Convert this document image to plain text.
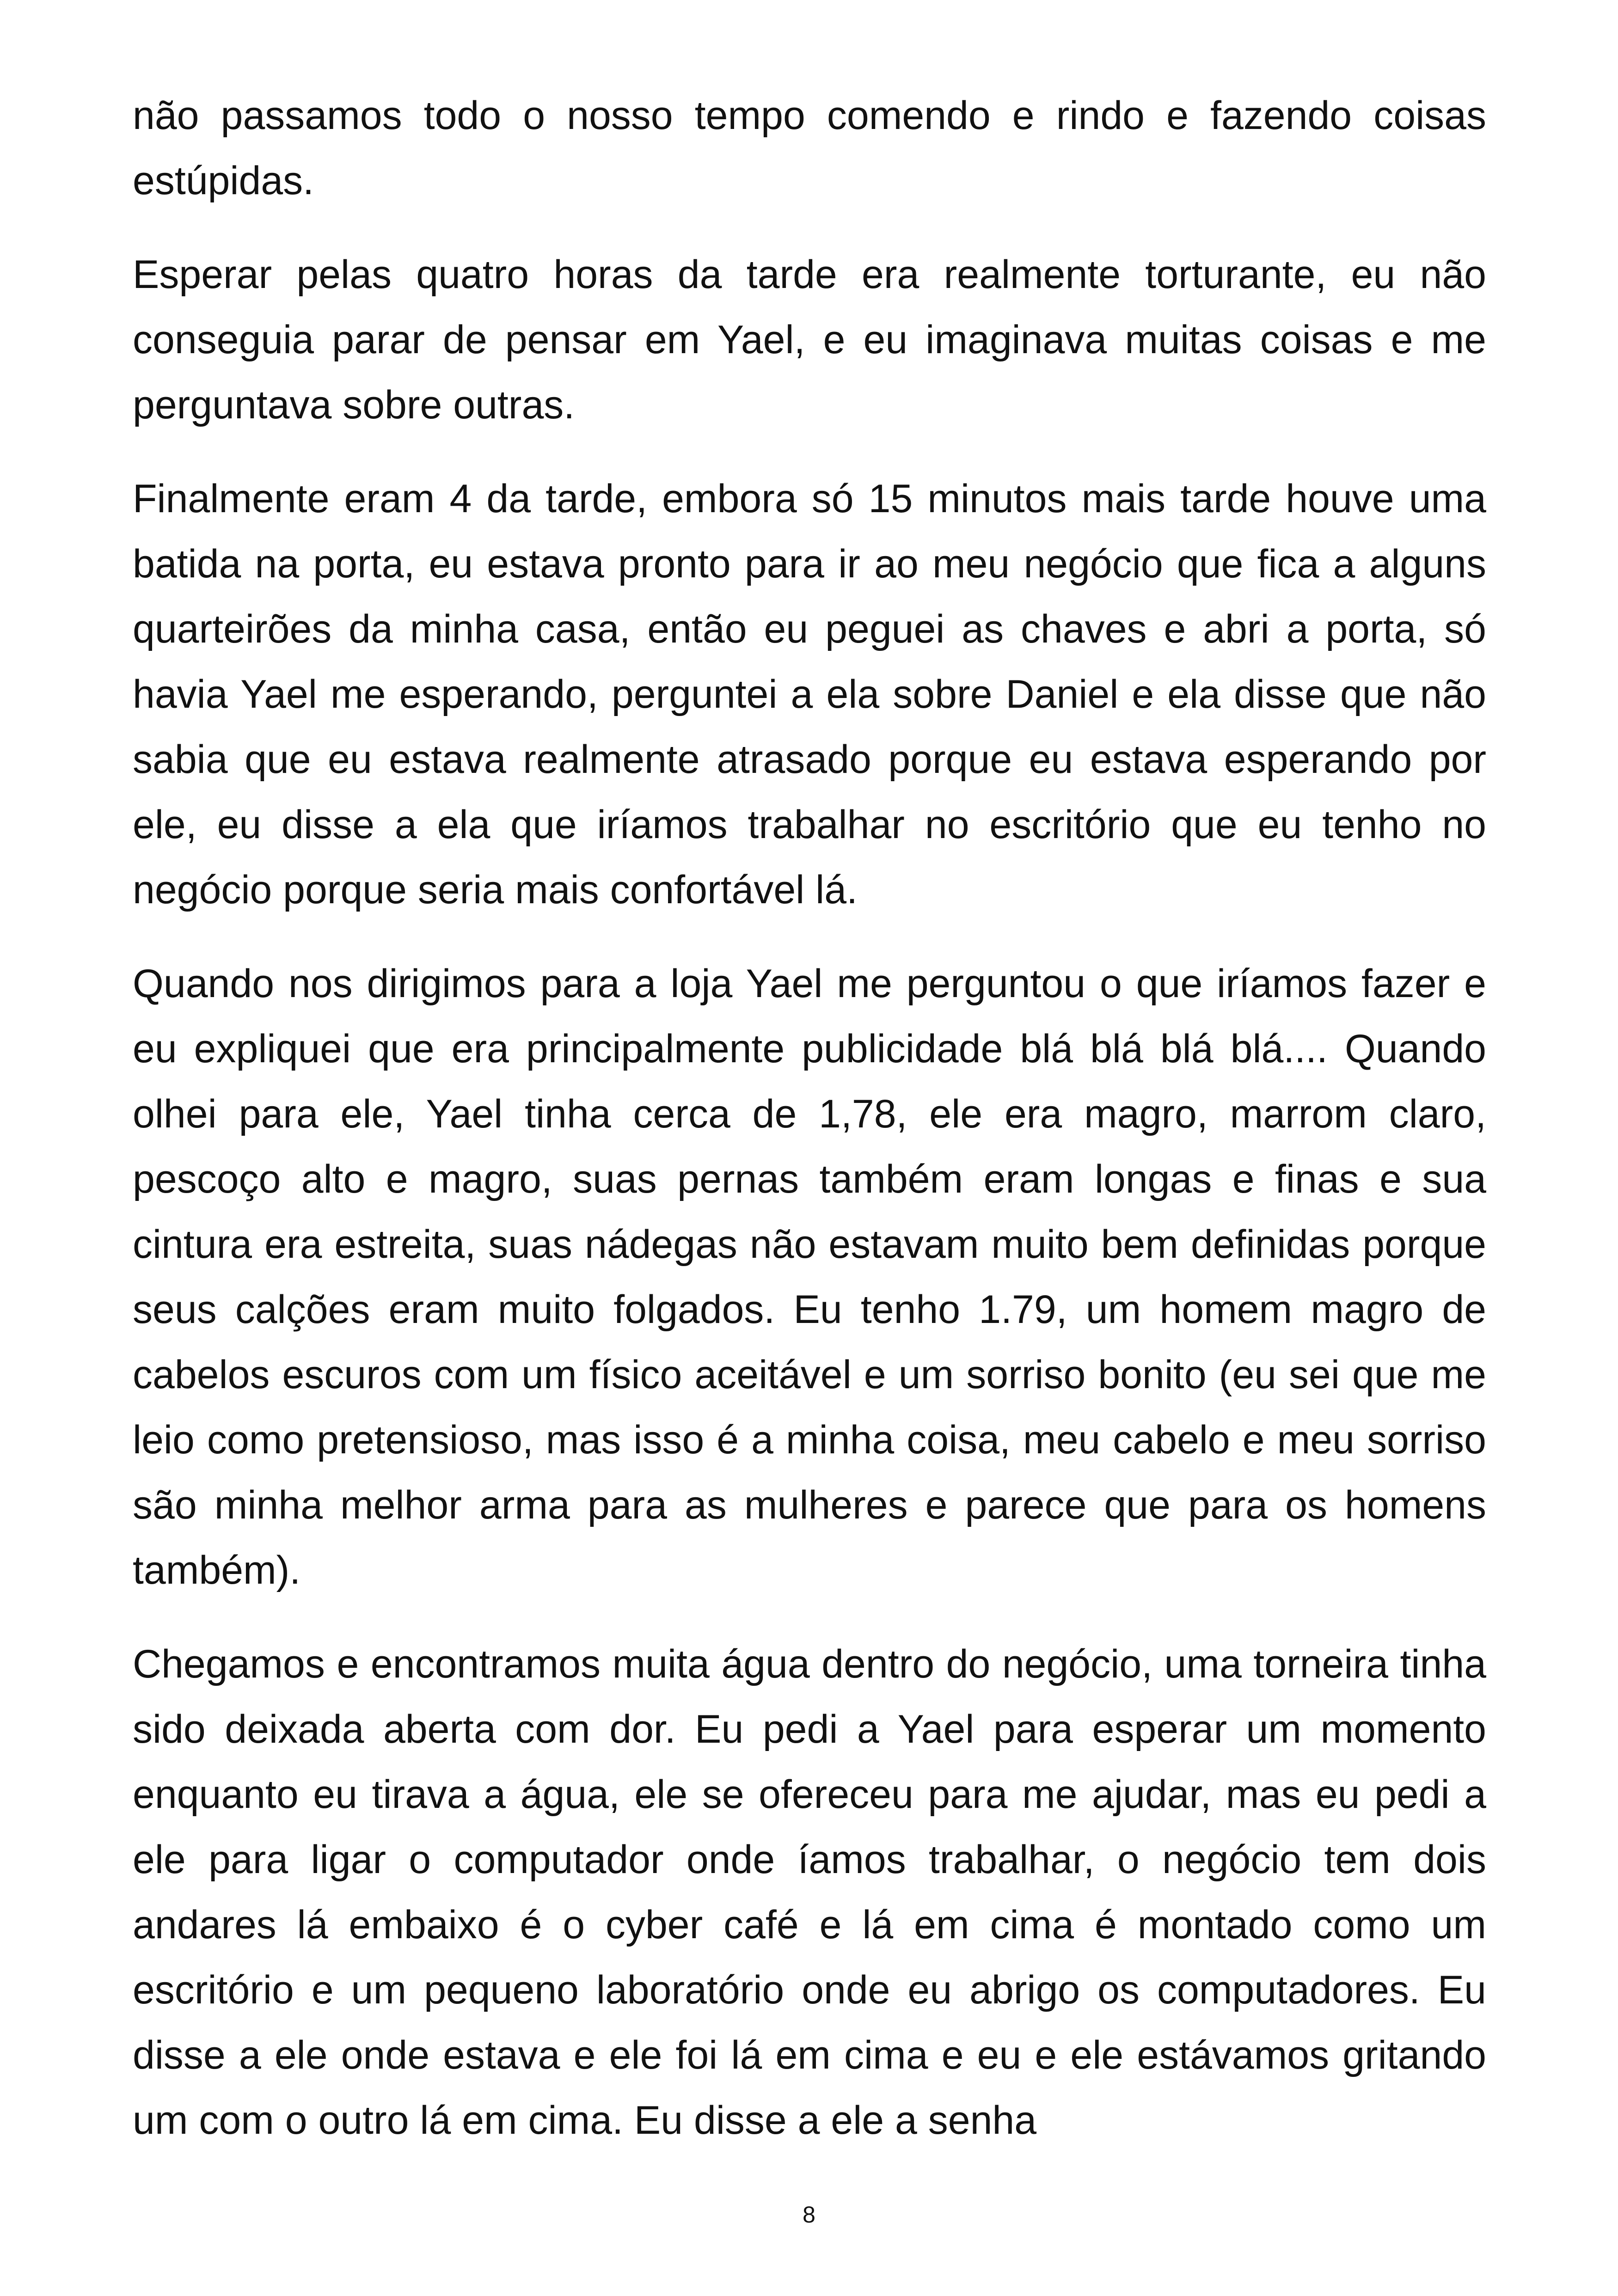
não passamos todo o nosso tempo comendo e rindo e fazendo coisas estúpidas.

Esperar pelas quatro horas da tarde era realmente torturante, eu não conseguia parar de pensar em Yael, e eu imaginava muitas coisas e me perguntava sobre outras.

Finalmente eram 4 da tarde, embora só 15 minutos mais tarde houve uma batida na porta, eu estava pronto para ir ao meu negócio que fica a alguns quarteirões da minha casa, então eu peguei as chaves e abri a porta, só havia Yael me esperando, perguntei a ela sobre Daniel e ela disse que não sabia que eu estava realmente atrasado porque eu estava esperando por ele, eu disse a ela que iríamos trabalhar no escritório que eu tenho no negócio porque seria mais confortável lá.

Quando nos dirigimos para a loja Yael me perguntou o que iríamos fazer e eu expliquei que era principalmente publicidade blá blá blá blá.... Quando olhei para ele, Yael tinha cerca de 1,78, ele era magro, marrom claro, pescoço alto e magro, suas pernas também eram longas e finas e sua cintura era estreita, suas nádegas não estavam muito bem definidas porque seus calções eram muito folgados. Eu tenho 1.79, um homem magro de cabelos escuros com um físico aceitável e um sorriso bonito (eu sei que me leio como pretensioso, mas isso é a minha coisa, meu cabelo e meu sorriso são minha melhor arma para as mulheres e parece que para os homens também).

Chegamos e encontramos muita água dentro do negócio, uma torneira tinha sido deixada aberta com dor. Eu pedi a Yael para esperar um momento enquanto eu tirava a água, ele se ofereceu para me ajudar, mas eu pedi a ele para ligar o computador onde íamos trabalhar, o negócio tem dois andares lá embaixo é o cyber café e lá em cima é montado como um escritório e um pequeno laboratório onde eu abrigo os computadores. Eu disse a ele onde estava e ele foi lá em cima e eu e ele estávamos gritando um com o outro lá em cima. Eu disse a ele a senha

8
